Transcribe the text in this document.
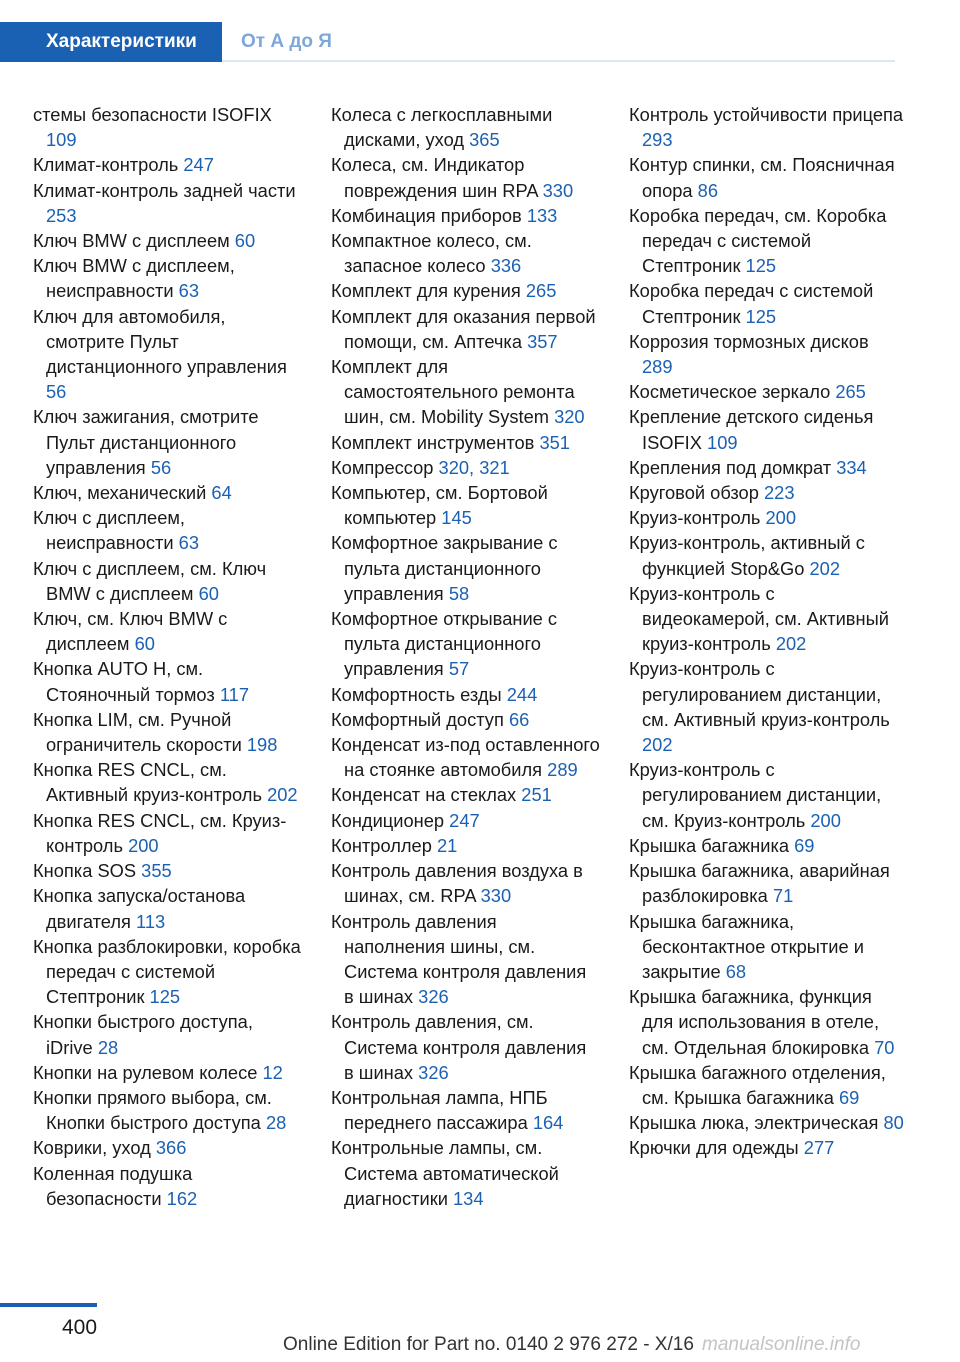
Характеристики	От А до Я
стемы безопасности ISOFIX 109
Климат-контроль 247
Климат-контроль задней части 253
Ключ BMW с дисплеем 60
Ключ BMW с дисплеем, неисправности 63
Ключ для автомобиля, смотрите Пульт дистанционного управления 56
Ключ зажигания, смотрите Пульт дистанционного управления 56
Ключ, механический 64
Ключ с дисплеем, неисправности 63
Ключ с дисплеем, см. Ключ BMW с дисплеем 60
Ключ, см. Ключ BMW с дисплеем 60
Кнопка AUTO H, см. Стояночный тормоз 117
Кнопка LIM, см. Ручной ограничитель скорости 198
Кнопка RES CNCL, см. Активный круиз-контроль 202
Кнопка RES CNCL, см. Круиз-контроль 200
Кнопка SOS 355
Кнопка запуска/останова двигателя 113
Кнопка разблокировки, коробка передач с системой Стептроник 125
Кнопки быстрого доступа, iDrive 28
Кнопки на рулевом колесе 12
Кнопки прямого выбора, см. Кнопки быстрого доступа 28
Коврики, уход 366
Коленная подушка безопасности 162
Колеса с легкосплавными дисками, уход 365
Колеса, см. Индикатор повреждения шин RPA 330
Комбинация приборов 133
Компактное колесо, см. запасное колесо 336
Комплект для курения 265
Комплект для оказания первой помощи, см. Аптечка 357
Комплект для самостоятельного ремонта шин, см. Mobility System 320
Комплект инструментов 351
Компрессор 320, 321
Компьютер, см. Бортовой компьютер 145
Комфортное закрывание с пульта дистанционного управления 58
Комфортное открывание с пульта дистанционного управления 57
Комфортность езды 244
Комфортный доступ 66
Конденсат из-под оставленного на стоянке автомобиля 289
Конденсат на стеклах 251
Кондиционер 247
Контроллер 21
Контроль давления воздуха в шинах, см. RPA 330
Контроль давления наполнения шины, см. Система контроля давления в шинах 326
Контроль давления, см. Система контроля давления в шинах 326
Контрольная лампа, НПБ переднего пассажира 164
Контрольные лампы, см. Система автоматической диагностики 134
Контроль устойчивости прицепа 293
Контур спинки, см. Поясничная опора 86
Коробка передач, см. Коробка передач с системой Стептроник 125
Коробка передач с системой Стептроник 125
Коррозия тормозных дисков 289
Косметическое зеркало 265
Крепление детского сиденья ISOFIX 109
Крепления под домкрат 334
Круговой обзор 223
Круиз-контроль 200
Круиз-контроль, активный с функцией Stop&Go 202
Круиз-контроль с видеокамерой, см. Активный круиз-контроль 202
Круиз-контроль с регулированием дистанции, см. Активный круиз-контроль 202
Круиз-контроль с регулированием дистанции, см. Круиз-контроль 200
Крышка багажника 69
Крышка багажника, аварийная разблокировка 71
Крышка багажника, бесконтактное открытие и закрытие 68
Крышка багажника, функция для использования в отеле, см. Отдельная блокировка 70
Крышка багажного отделения, см. Крышка багажника 69
Крышка люка, электрическая 80
Крючки для одежды 277
400
Online Edition for Part no. 0140 2 976 272 - X/16 manualsonline.info
